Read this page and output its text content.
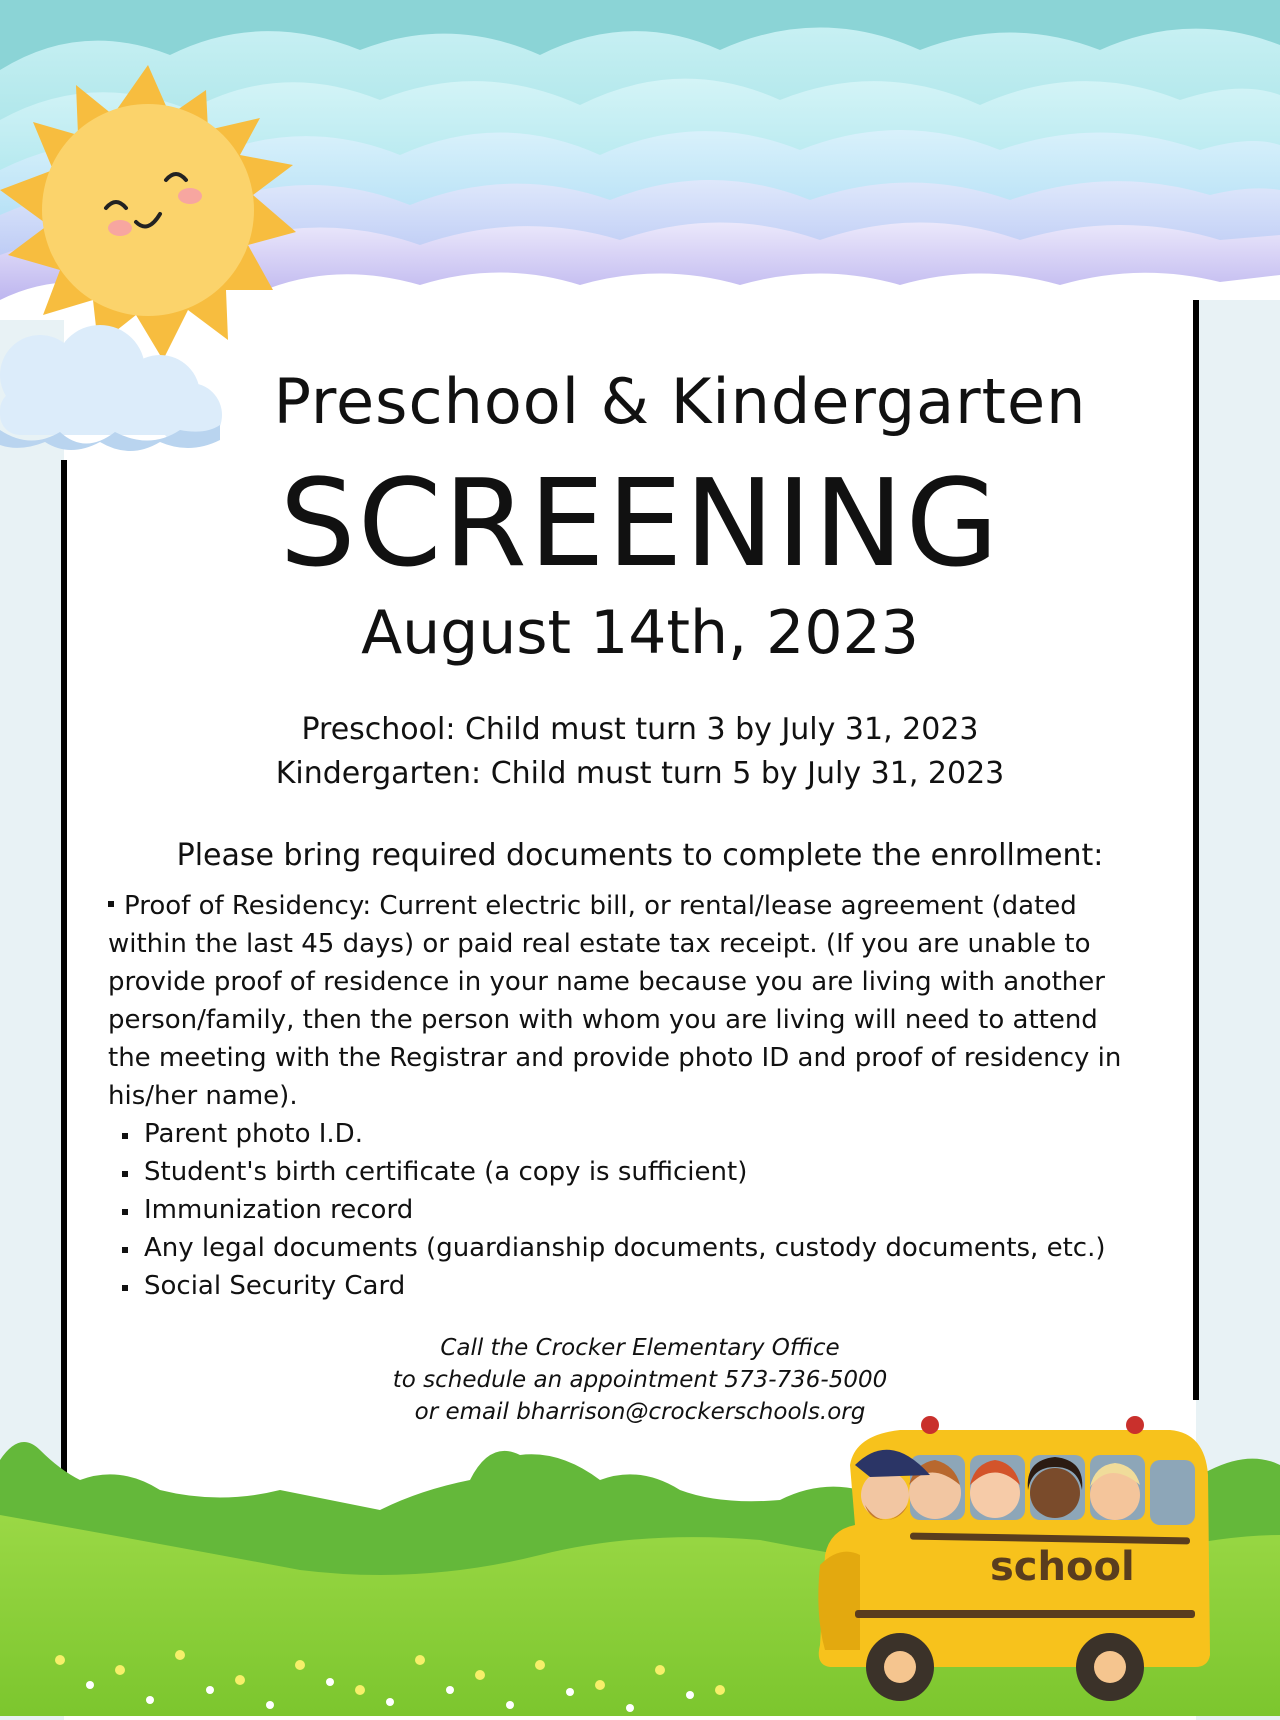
Preschool & Kindergarten
SCREENING
August 14th, 2023
Preschool: Child must turn 3 by July 31, 2023
Kindergarten: Child must turn 5 by July 31, 2023
Please bring required documents to complete the enrollment:
Proof of Residency: Current electric bill, or rental/lease agreement (dated within the last 45 days) or paid real estate tax receipt. (If you are unable to provide proof of residence in your name because you are living with another person/family, then the person with whom you are living will need to attend the meeting with the Registrar and provide photo ID and proof of residency in his/her name).
Parent photo I.D.
Student's birth certificate (a copy is sufficient)
Immunization record
Any legal documents (guardianship documents, custody documents, etc.)
Social Security Card
Call the Crocker Elementary Office
to schedule an appointment 573-736-5000
or email bharrison@crockerschools.org
school
